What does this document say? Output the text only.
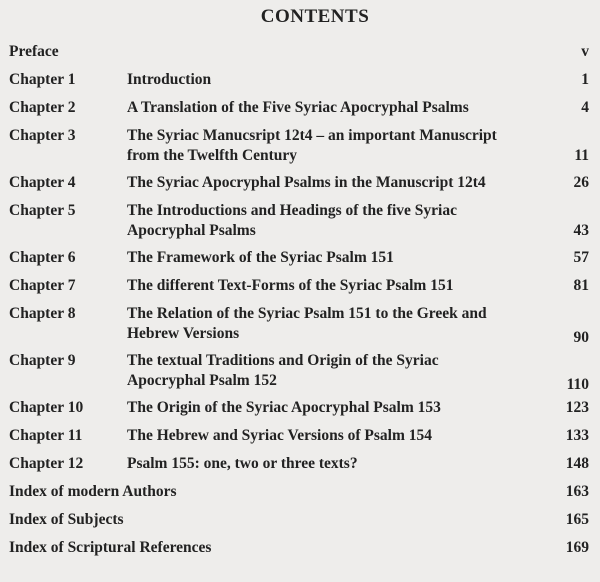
CONTENTS
Preface	v
Chapter 1	Introduction	1
Chapter 2	A Translation of the Five Syriac Apocryphal Psalms	4
Chapter 3	The Syriac Manucsript 12t4 – an important Manuscript
from the Twelfth Century	11
Chapter 4	The Syriac Apocryphal Psalms in the Manuscript 12t4	26
Chapter 5	The Introductions and Headings of the five Syriac
Apocryphal Psalms	43
Chapter 6	The Framework of the Syriac Psalm 151	57
Chapter 7	The different Text-Forms of the Syriac Psalm 151	81
Chapter 8	The Relation of the Syriac Psalm 151 to the Greek and
Hebrew Versions	90
Chapter 9	The textual Traditions and Origin of the Syriac
Apocryphal Psalm 152	110
Chapter 10	The Origin of the Syriac Apocryphal Psalm 153	123
Chapter 11	The Hebrew and Syriac Versions of Psalm 154	133
Chapter 12	Psalm 155: one, two or three texts?	148
Index of modern Authors	163
Index of Subjects	165
Index of Scriptural References	169
